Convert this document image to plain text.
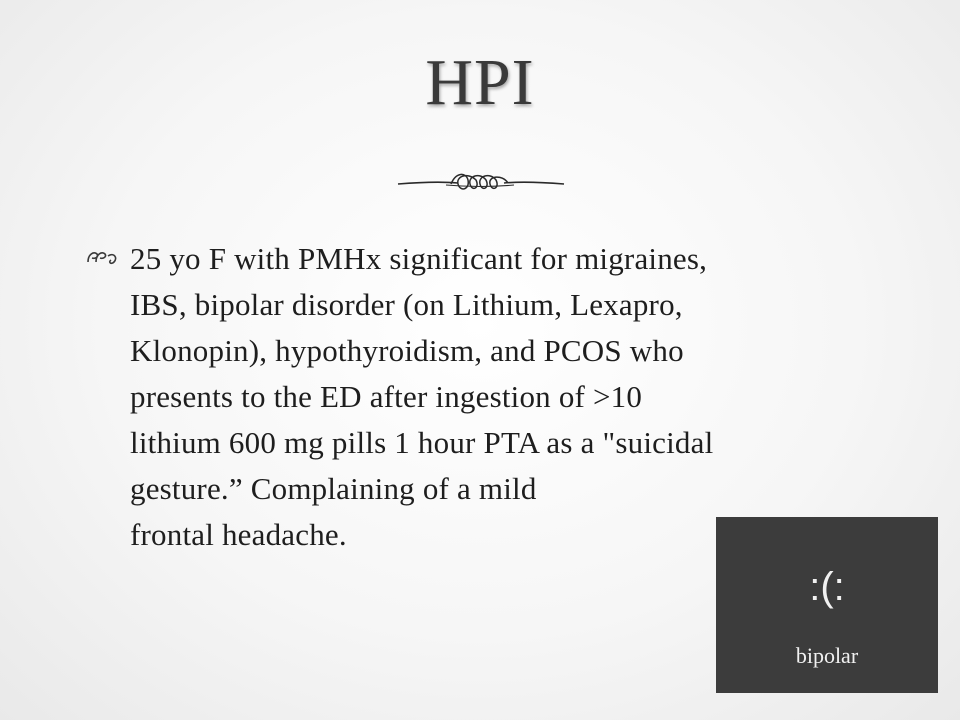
HPI

25 yo F with PMHx significant for migraines,
IBS, bipolar disorder (on Lithium, Lexapro,
Klonopin), hypothyroidism, and PCOS who
presents to the ED after ingestion of >10
lithium 600 mg pills 1 hour PTA as a "suicidal
gesture.” Complaining of a mild
frontal headache.

:(:
bipolar
